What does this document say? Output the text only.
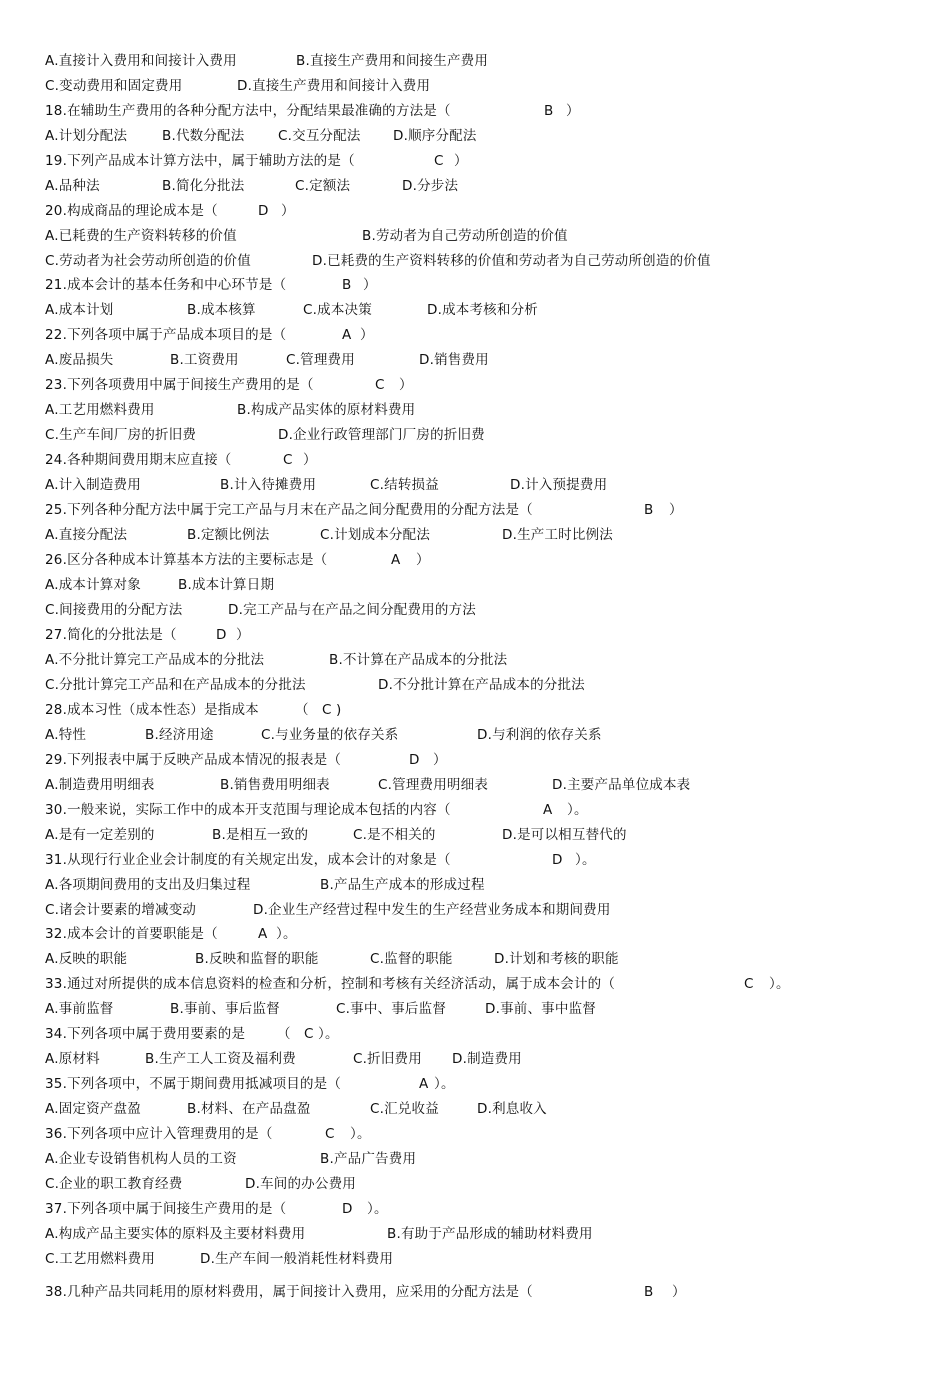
A.直接计入费用和间接计入费用

	B.直接生产费用和间接生产费用

C.变动费用和固定费用

	D.直接生产费用和间接计入费用

18.在辅助生产费用的各种分配方法中，分配结果最准确的方法是（

	B

）

A.计划分配法

	B.代数分配法

C.交互分配法

D.顺序分配法

19.下列产品成本计算方法中，属于辅助方法的是（

	C

）

A.品种法

	B.简化分批法

	C.定额法

	D.分步法

20.构成商品的理论成本是（

	D

）

A.已耗费的生产资料转移的价值

	B.劳动者为自己劳动所创造的价值

C.劳动者为社会劳动所创造的价值

	D.已耗费的生产资料转移的价值和劳动者为自己劳动所创造的价值

21.成本会计的基本任务和中心环节是（

	B

）

A.成本计划

	B.成本核算

	C.成本决策

	D.成本考核和分析

22.下列各项中属于产品成本项目的是（

	A

）

A.废品损失

	B.工资费用

	C.管理费用

	D.销售费用

23.下列各项费用中属于间接生产费用的是（

	C

）

A.工艺用燃料费用

	B.构成产品实体的原材料费用

C.生产车间厂房的折旧费

	D.企业行政管理部门厂房的折旧费

24.各种期间费用期末应直接（

	C

）

A.计入制造费用

	B.计入待摊费用

	C.结转损益

	D.计入预提费用

25.下列各种分配方法中属于完工产品与月末在产品之间分配费用的分配方法是（

	B

）

A.直接分配法

	B.定额比例法

	C.计划成本分配法

	D.生产工时比例法

26.区分各种成本计算基本方法的主要标志是（

	A

）

A.成本计算对象

	B.成本计算日期

C.间接费用的分配方法

	D.完工产品与在产品之间分配费用的方法

27.简化的分批法是（

	D

）

A.不分批计算完工产品成本的分批法

	B.不计算在产品成本的分批法

C.分批计算完工产品和在产品成本的分批法

	D.不分批计算在产品成本的分批法

28.成本习性（成本性态）是指成本

	（

C

)

A.特性

	B.经济用途

	C.与业务量的依存关系

	D.与利润的依存关系

29.下列报表中属于反映产品成本情况的报表是（

	D

）

A.制造费用明细表

	B.销售费用明细表

	C.管理费用明细表

	D.主要产品单位成本表

30.一般来说，实际工作中的成本开支范围与理论成本包括的内容（

	A

）。

A.是有一定差别的

	B.是相互一致的

	C.是不相关的

	D.是可以相互替代的

31.从现行行业企业会计制度的有关规定出发，成本会计的对象是（

	D

）。

A.各项期间费用的支出及归集过程

	B.产品生产成本的形成过程

C.诸会计要素的增减变动

	D.企业生产经营过程中发生的生产经营业务成本和期间费用

32.成本会计的首要职能是（

	A

）。

A.反映的职能

	B.反映和监督的职能

	C.监督的职能

	D.计划和考核的职能

33.通过对所提供的成本信息资料的检查和分析，控制和考核有关经济活动，属于成本会计的（

	C

）。

A.事前监督

	B.事前、事后监督

	C.事中、事后监督

	D.事前、事中监督

34.下列各项中属于费用要素的是

（

C

）。

A.原材料

	B.生产工人工资及福利费

	C.折旧费用

D.制造费用

35.下列各项中，不属于期间费用抵减项目的是（

	A

）。

A.固定资产盘盈

	B.材料、在产品盘盈

	C.汇兑收益

	D.利息收入

36.下列各项中应计入管理费用的是（

	C

）。

A.企业专设销售机构人员的工资

	B.产品广告费用

C.企业的职工教育经费

	D.车间的办公费用

37.下列各项中属于间接生产费用的是（

	D

）。

A.构成产品主要实体的原料及主要材料费用

	B.有助于产品形成的辅助材料费用

C.工艺用燃料费用

	D.生产车间一般消耗性材料费用

38.几种产品共同耗用的原材料费用，属于间接计入费用，应采用的分配方法是（

	B

）
